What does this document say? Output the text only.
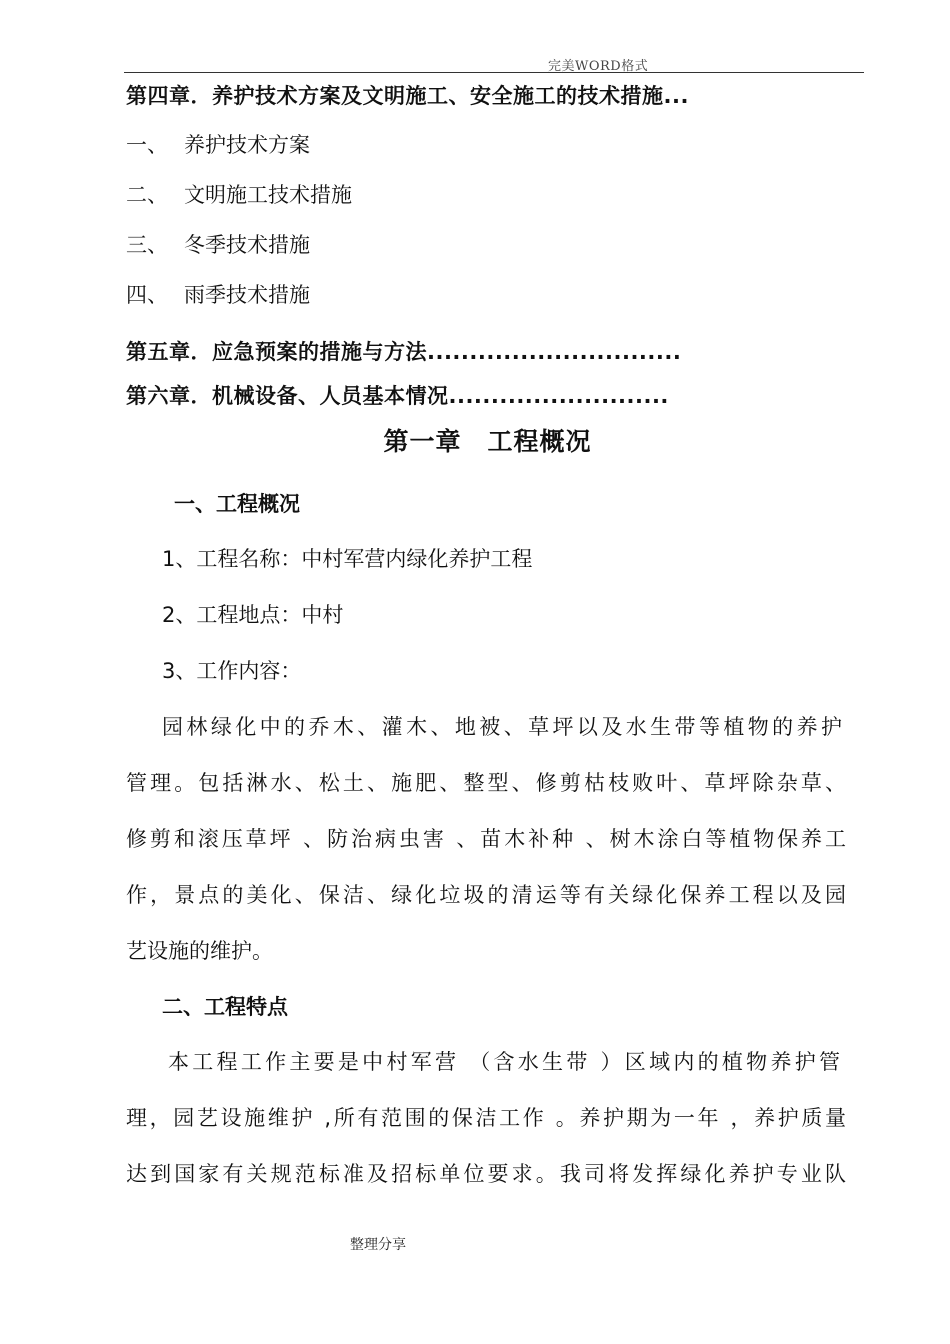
完美WORD格式
第四章．养护技术方案及文明施工、安全施工的技术措施...
一、 养护技术方案
二、 文明施工技术措施
三、 冬季技术措施
四、 雨季技术措施
第五章．应急预案的措施与方法..............................
第六章．机械设备、人员基本情况..........................
第一章　工程概况
一、工程概况
1、工程名称：中村军营内绿化养护工程
2、工程地点：中村
3、工作内容：
园林绿化中的乔木、灌木、地被、草坪以及水生带等植物的养护
管理。包括淋水、松土、施肥、整型、修剪枯枝败叶、草坪除杂草、
修剪和滚压草坪 、防治病虫害 、苗木补种 、树木涂白等植物保养工
作，景点的美化、保洁、绿化垃圾的清运等有关绿化保养工程以及园
艺设施的维护。
二、工程特点
本工程工作主要是中村军营 （含水生带 ）区域内的植物养护管
理，园艺设施维护 ,所有范围的保洁工作 。养护期为一年 ，养护质量
达到国家有关规范标准及招标单位要求。我司将发挥绿化养护专业队
整理分享
